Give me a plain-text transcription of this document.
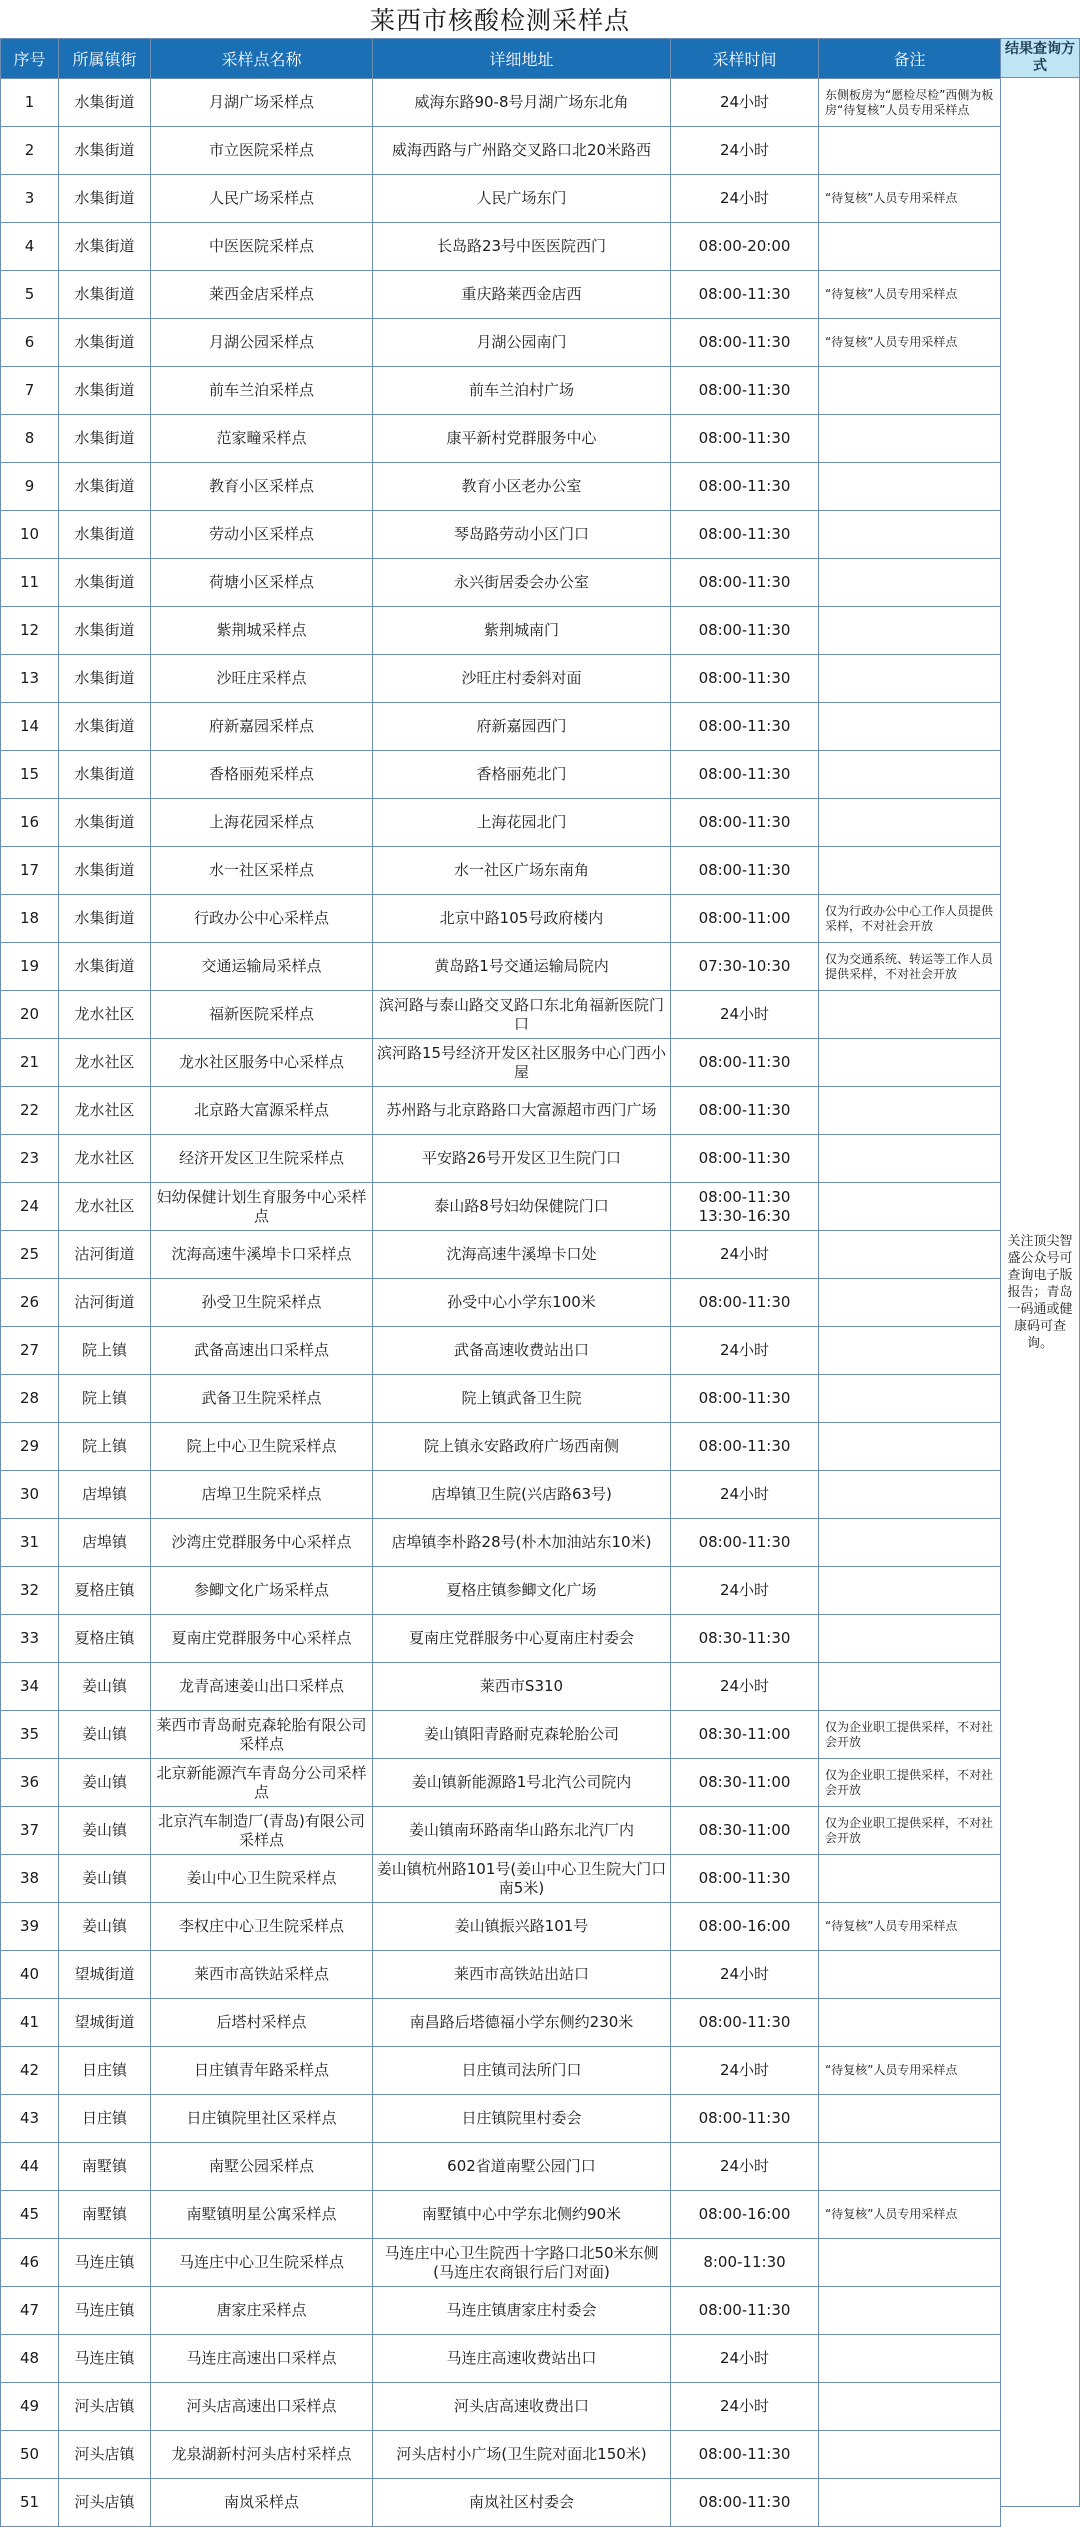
莱西市核酸检测采样点
序号	所属镇街	采样点名称	详细地址	采样时间	备注
1	水集街道	月湖广场采样点	威海东路90-8号月湖广场东北角	24小时	东侧板房为“愿检尽检”西侧为板房“待复核”人员专用采样点
2	水集街道	市立医院采样点	威海西路与广州路交叉路口北20米路西	24小时	
3	水集街道	人民广场采样点	人民广场东门	24小时	“待复核”人员专用采样点
4	水集街道	中医医院采样点	长岛路23号中医医院西门	08:00-20:00	
5	水集街道	莱西金店采样点	重庆路莱西金店西	08:00-11:30	“待复核”人员专用采样点
6	水集街道	月湖公园采样点	月湖公园南门	08:00-11:30	“待复核”人员专用采样点
7	水集街道	前车兰泊采样点	前车兰泊村广场	08:00-11:30	
8	水集街道	范家疃采样点	康平新村党群服务中心	08:00-11:30	
9	水集街道	教育小区采样点	教育小区老办公室	08:00-11:30	
10	水集街道	劳动小区采样点	琴岛路劳动小区门口	08:00-11:30	
11	水集街道	荷塘小区采样点	永兴街居委会办公室	08:00-11:30	
12	水集街道	紫荆城采样点	紫荆城南门	08:00-11:30	
13	水集街道	沙旺庄采样点	沙旺庄村委斜对面	08:00-11:30	
14	水集街道	府新嘉园采样点	府新嘉园西门	08:00-11:30	
15	水集街道	香格丽苑采样点	香格丽苑北门	08:00-11:30	
16	水集街道	上海花园采样点	上海花园北门	08:00-11:30	
17	水集街道	水一社区采样点	水一社区广场东南角	08:00-11:30	
18	水集街道	行政办公中心采样点	北京中路105号政府楼内	08:00-11:00	仅为行政办公中心工作人员提供采样，不对社会开放
19	水集街道	交通运输局采样点	黄岛路1号交通运输局院内	07:30-10:30	仅为交通系统、转运等工作人员提供采样，不对社会开放
20	龙水社区	福新医院采样点	滨河路与泰山路交叉路口东北角福新医院门口	24小时	
21	龙水社区	龙水社区服务中心采样点	滨河路15号经济开发区社区服务中心门西小屋	08:00-11:30	
22	龙水社区	北京路大富源采样点	苏州路与北京路路口大富源超市西门广场	08:00-11:30	
23	龙水社区	经济开发区卫生院采样点	平安路26号开发区卫生院门口	08:00-11:30	
24	龙水社区	妇幼保健计划生育服务中心采样点	泰山路8号妇幼保健院门口	08:00-11:30 13:30-16:30	
25	沽河街道	沈海高速牛溪埠卡口采样点	沈海高速牛溪埠卡口处	24小时	
26	沽河街道	孙受卫生院采样点	孙受中心小学东100米	08:00-11:30	
27	院上镇	武备高速出口采样点	武备高速收费站出口	24小时	
28	院上镇	武备卫生院采样点	院上镇武备卫生院	08:00-11:30	
29	院上镇	院上中心卫生院采样点	院上镇永安路政府广场西南侧	08:00-11:30	
30	店埠镇	店埠卫生院采样点	店埠镇卫生院(兴店路63号)	24小时	
31	店埠镇	沙湾庄党群服务中心采样点	店埠镇李朴路28号(朴木加油站东10米)	08:00-11:30	
32	夏格庄镇	参鲫文化广场采样点	夏格庄镇参鲫文化广场	24小时	
33	夏格庄镇	夏南庄党群服务中心采样点	夏南庄党群服务中心夏南庄村委会	08:30-11:30	
34	姜山镇	龙青高速姜山出口采样点	莱西市S310	24小时	
35	姜山镇	莱西市青岛耐克森轮胎有限公司采样点	姜山镇阳青路耐克森轮胎公司	08:30-11:00	仅为企业职工提供采样，不对社会开放
36	姜山镇	北京新能源汽车青岛分公司采样点	姜山镇新能源路1号北汽公司院内	08:30-11:00	仅为企业职工提供采样，不对社会开放
37	姜山镇	北京汽车制造厂(青岛)有限公司采样点	姜山镇南环路南华山路东北汽厂内	08:30-11:00	仅为企业职工提供采样，不对社会开放
38	姜山镇	姜山中心卫生院采样点	姜山镇杭州路101号(姜山中心卫生院大门口南5米)	08:00-11:30	
39	姜山镇	李权庄中心卫生院采样点	姜山镇振兴路101号	08:00-16:00	“待复核”人员专用采样点
40	望城街道	莱西市高铁站采样点	莱西市高铁站出站口	24小时	
41	望城街道	后塔村采样点	南昌路后塔德福小学东侧约230米	08:00-11:30	
42	日庄镇	日庄镇青年路采样点	日庄镇司法所门口	24小时	“待复核”人员专用采样点
43	日庄镇	日庄镇院里社区采样点	日庄镇院里村委会	08:00-11:30	
44	南墅镇	南墅公园采样点	602省道南墅公园门口	24小时	
45	南墅镇	南墅镇明星公寓采样点	南墅镇中心中学东北侧约90米	08:00-16:00	“待复核”人员专用采样点
46	马连庄镇	马连庄中心卫生院采样点	马连庄中心卫生院西十字路口北50米东侧(马连庄农商银行后门对面)	8:00-11:30	
47	马连庄镇	唐家庄采样点	马连庄镇唐家庄村委会	08:00-11:30	
48	马连庄镇	马连庄高速出口采样点	马连庄高速收费站出口	24小时	
49	河头店镇	河头店高速出口采样点	河头店高速收费出口	24小时	
50	河头店镇	龙泉湖新村河头店村采样点	河头店村小广场(卫生院对面北150米)	08:00-11:30	
51	河头店镇	南岚采样点	南岚社区村委会	08:00-11:30	
结果查询方式
关注顶尖智盛公众号可查询电子版报告；青岛一码通或健康码可查询。
